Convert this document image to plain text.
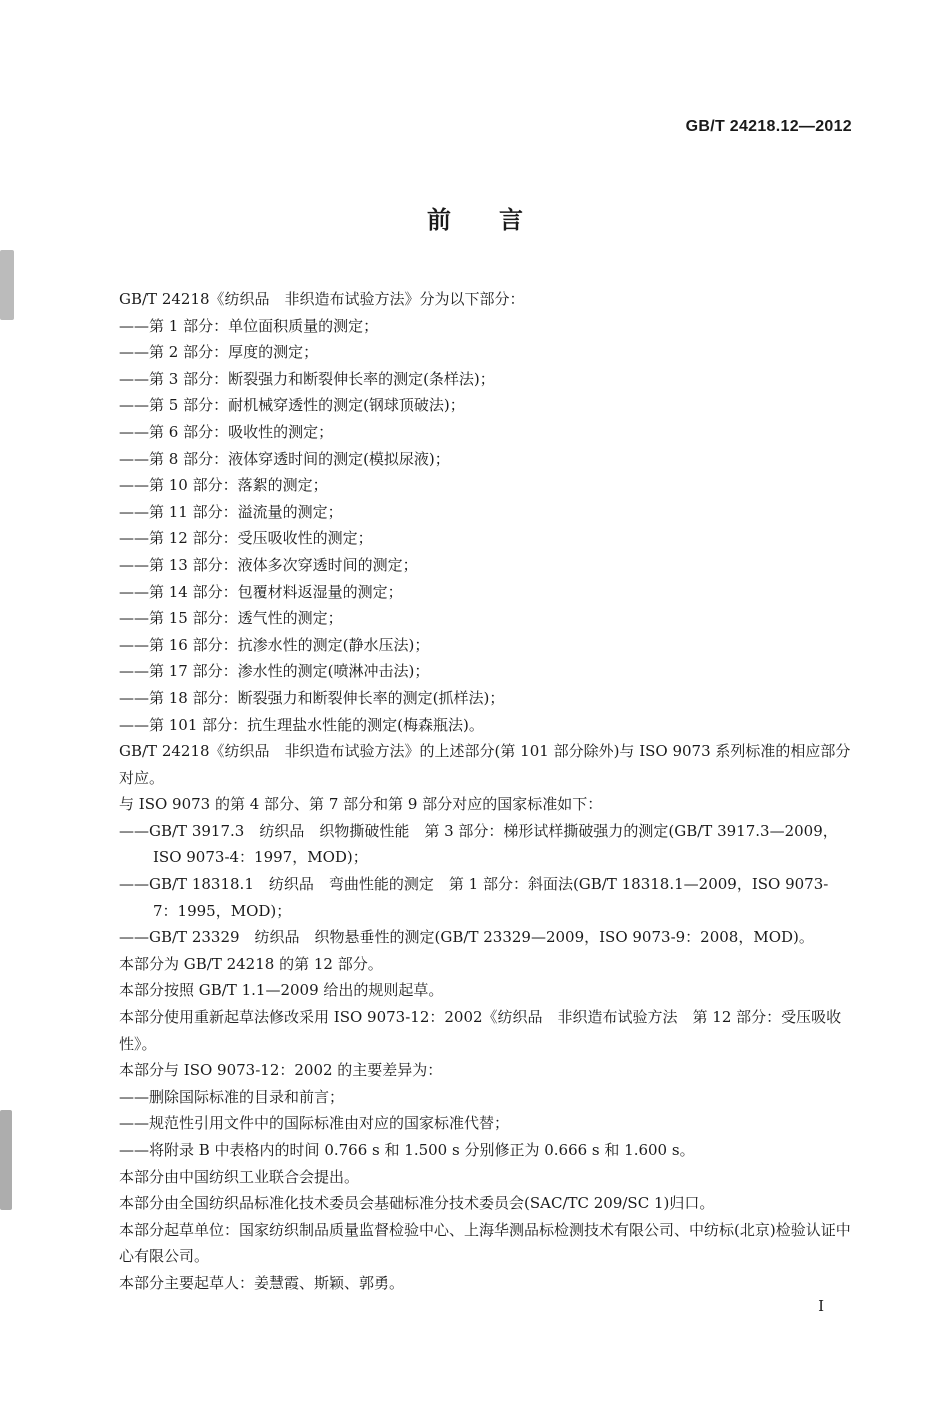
GB/T 24218.12—2012
前言

GB/T 24218《纺织品　非织造布试验方法》分为以下部分：

——第 1 部分：单位面积质量的测定；

——第 2 部分：厚度的测定；

——第 3 部分：断裂强力和断裂伸长率的测定(条样法)；

——第 5 部分：耐机械穿透性的测定(钢球顶破法)；

——第 6 部分：吸收性的测定；

——第 8 部分：液体穿透时间的测定(模拟尿液)；

——第 10 部分：落絮的测定；

——第 11 部分：溢流量的测定；

——第 12 部分：受压吸收性的测定；

——第 13 部分：液体多次穿透时间的测定；

——第 14 部分：包覆材料返湿量的测定；

——第 15 部分：透气性的测定；

——第 16 部分：抗渗水性的测定(静水压法)；

——第 17 部分：渗水性的测定(喷淋冲击法)；

——第 18 部分：断裂强力和断裂伸长率的测定(抓样法)；

——第 101 部分：抗生理盐水性能的测定(梅森瓶法)。

GB/T 24218《纺织品　非织造布试验方法》的上述部分(第 101 部分除外)与 ISO 9073 系列标准的相应部分对应。

与 ISO 9073 的第 4 部分、第 7 部分和第 9 部分对应的国家标准如下：

——GB/T 3917.3　纺织品　织物撕破性能　第 3 部分：梯形试样撕破强力的测定(GB/T 3917.3—2009，ISO 9073-4：1997，MOD)；

——GB/T 18318.1　纺织品　弯曲性能的测定　第 1 部分：斜面法(GB/T 18318.1—2009，ISO 9073-7：1995，MOD)；

——GB/T 23329　纺织品　织物悬垂性的测定(GB/T 23329—2009，ISO 9073-9：2008，MOD)。

本部分为 GB/T 24218 的第 12 部分。

本部分按照 GB/T 1.1—2009 给出的规则起草。

本部分使用重新起草法修改采用 ISO 9073-12：2002《纺织品　非织造布试验方法　第 12 部分：受压吸收性》。

本部分与 ISO 9073-12：2002 的主要差异为：

——删除国际标准的目录和前言；

——规范性引用文件中的国际标准由对应的国家标准代替；

——将附录 B 中表格内的时间 0.766 s 和 1.500 s 分别修正为 0.666 s 和 1.600 s。

本部分由中国纺织工业联合会提出。

本部分由全国纺织品标准化技术委员会基础标准分技术委员会(SAC/TC 209/SC 1)归口。

本部分起草单位：国家纺织制品质量监督检验中心、上海华测品标检测技术有限公司、中纺标(北京)检验认证中心有限公司。

本部分主要起草人：姜慧霞、斯颖、郭勇。

I
